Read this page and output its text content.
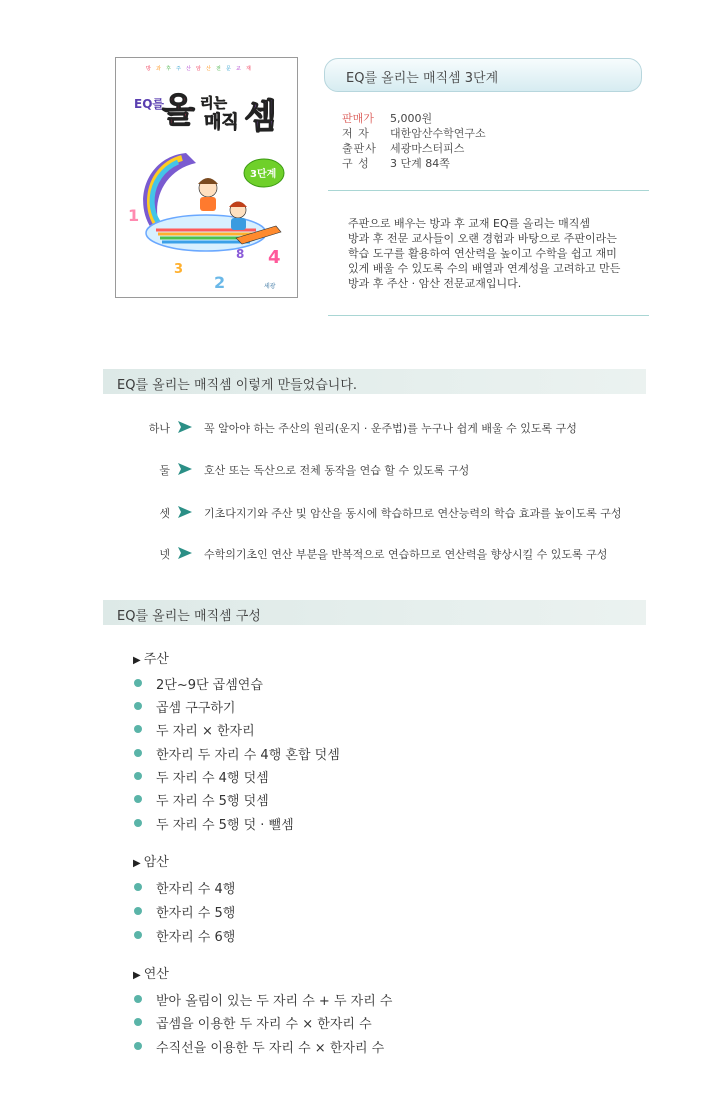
방 과 후 주 산 암 산 전 문 교 재
EQ를
올 리는
매직 셈
3단계
1
3
2
8 4
세광
EQ를 올리는 매직셈 3단계
판매가	5,000원
저 자	대한암산수학연구소
출판사	세광마스터피스
구 성	3 단계 84쪽

주판으로 배우는 방과 후 교재 EQ를 올리는 매직셈

방과 후 전문 교사들이 오랜 경험과 바탕으로 주판이라는

학습 도구를 활용하여 연산력을 높이고 수학을 쉽고 재미

있게 배울 수 있도록 수의 배열과 연계성을 고려하고 만든

방과 후 주산 · 암산 전문교재입니다.

EQ를 올리는 매직셈 이렇게 만들었습니다.
하나	꼭 알아야 하는 주산의 원리(운지 · 운주법)를 누구나 쉽게 배울 수 있도록 구성
둘	호산 또는 독산으로 전체 동작을 연습 할 수 있도록 구성
셋	기초다지기와 주산 및 암산을 동시에 학습하므로 연산능력의 학습 효과를 높이도록 구성
넷	수학의기초인 연산 부분을 반복적으로 연습하므로 연산력을 향상시킬 수 있도록 구성
EQ를 올리는 매직셈 구성
▶ 주산
2단~9단 곱셈연습
곱셈 구구하기
두 자리 × 한자리
한자리 두 자리 수 4행 혼합 덧셈
두 자리 수 4행 덧셈
두 자리 수 5행 덧셈
두 자리 수 5행 덧 · 뺄셈
▶ 암산
한자리 수 4행
한자리 수 5행
한자리 수 6행
▶ 연산
받아 올림이 있는 두 자리 수 + 두 자리 수
곱셈을 이용한 두 자리 수 × 한자리 수
수직선을 이용한 두 자리 수 × 한자리 수
